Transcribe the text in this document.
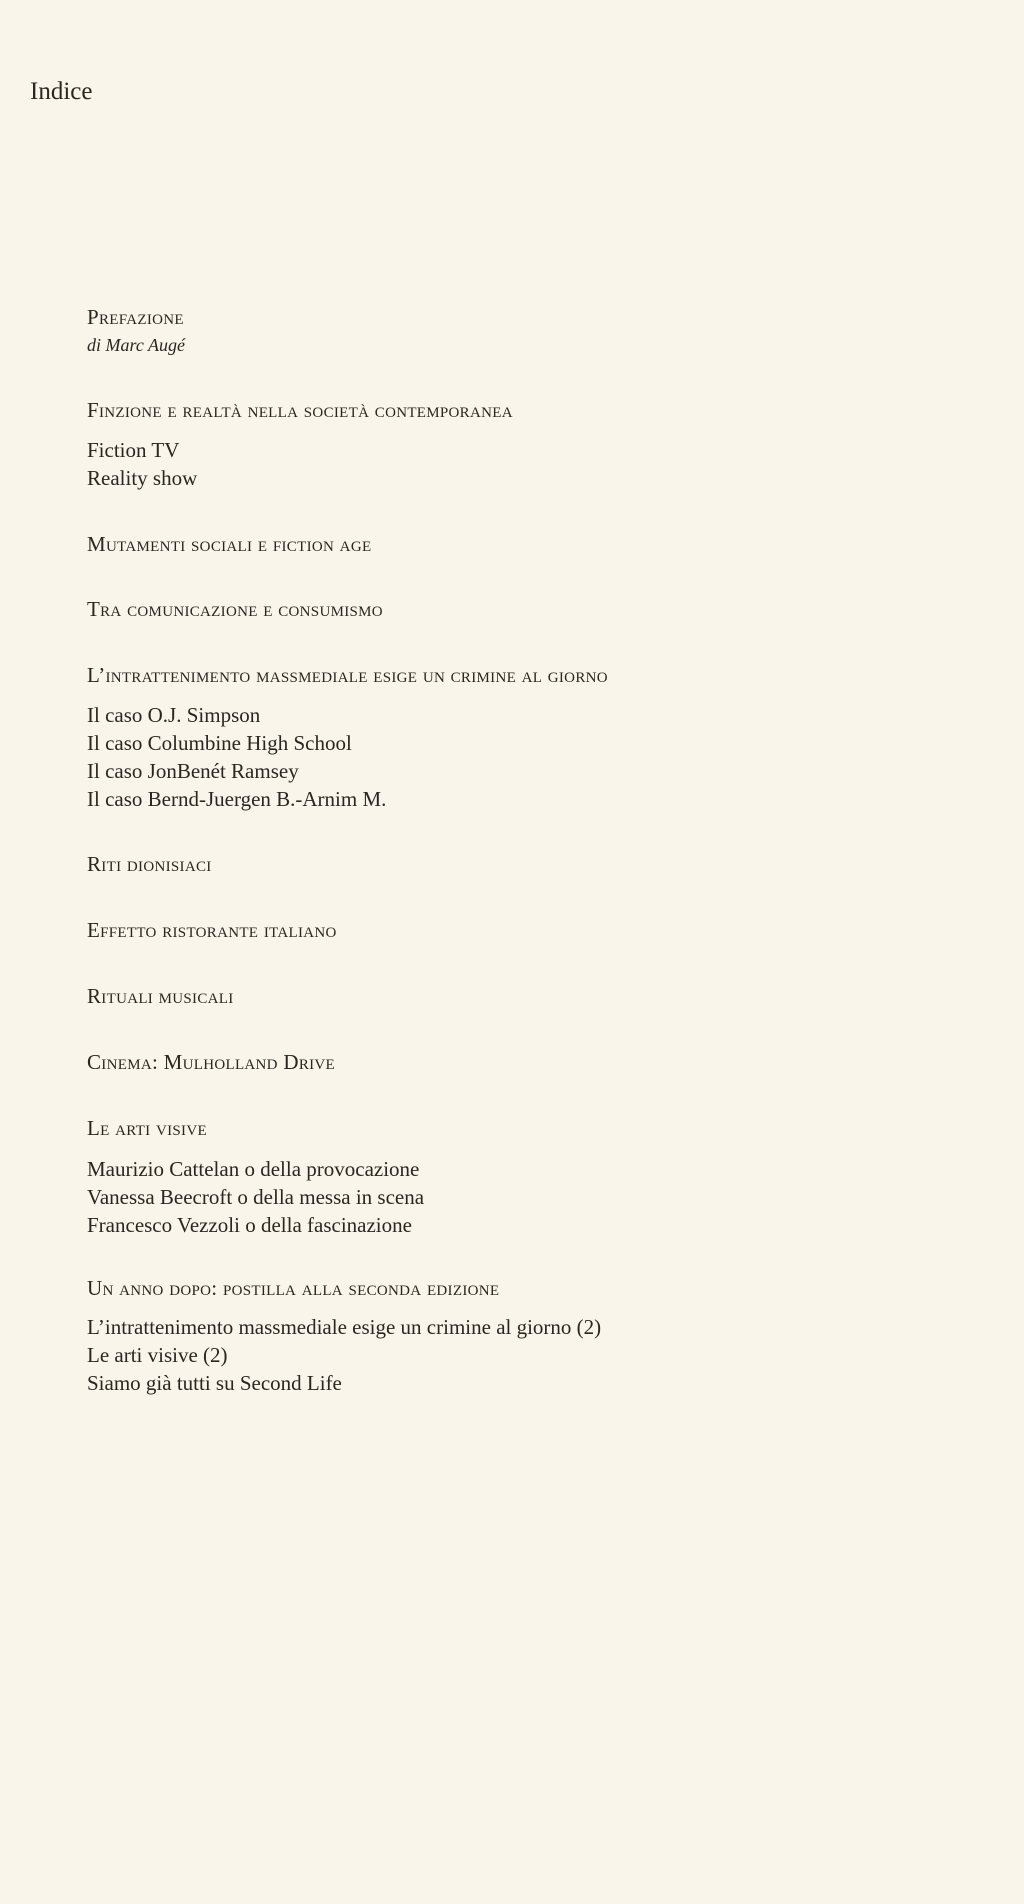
Indice
Prefazione
di Marc Augé
Finzione e realtà nella società contemporanea
Fiction TV
Reality show
Mutamenti sociali e fiction age
Tra comunicazione e consumismo
L’intrattenimento massmediale esige un crimine al giorno
Il caso O.J. Simpson
Il caso Columbine High School
Il caso JonBenét Ramsey
Il caso Bernd-Juergen B.-Arnim M.
Riti dionisiaci
Effetto ristorante italiano
Rituali musicali
Cinema: Mulholland Drive
Le arti visive
Maurizio Cattelan o della provocazione
Vanessa Beecroft o della messa in scena
Francesco Vezzoli o della fascinazione
Un anno dopo: postilla alla seconda edizione
L’intrattenimento massmediale esige un crimine al giorno (2)
Le arti visive (2)
Siamo già tutti su Second Life
